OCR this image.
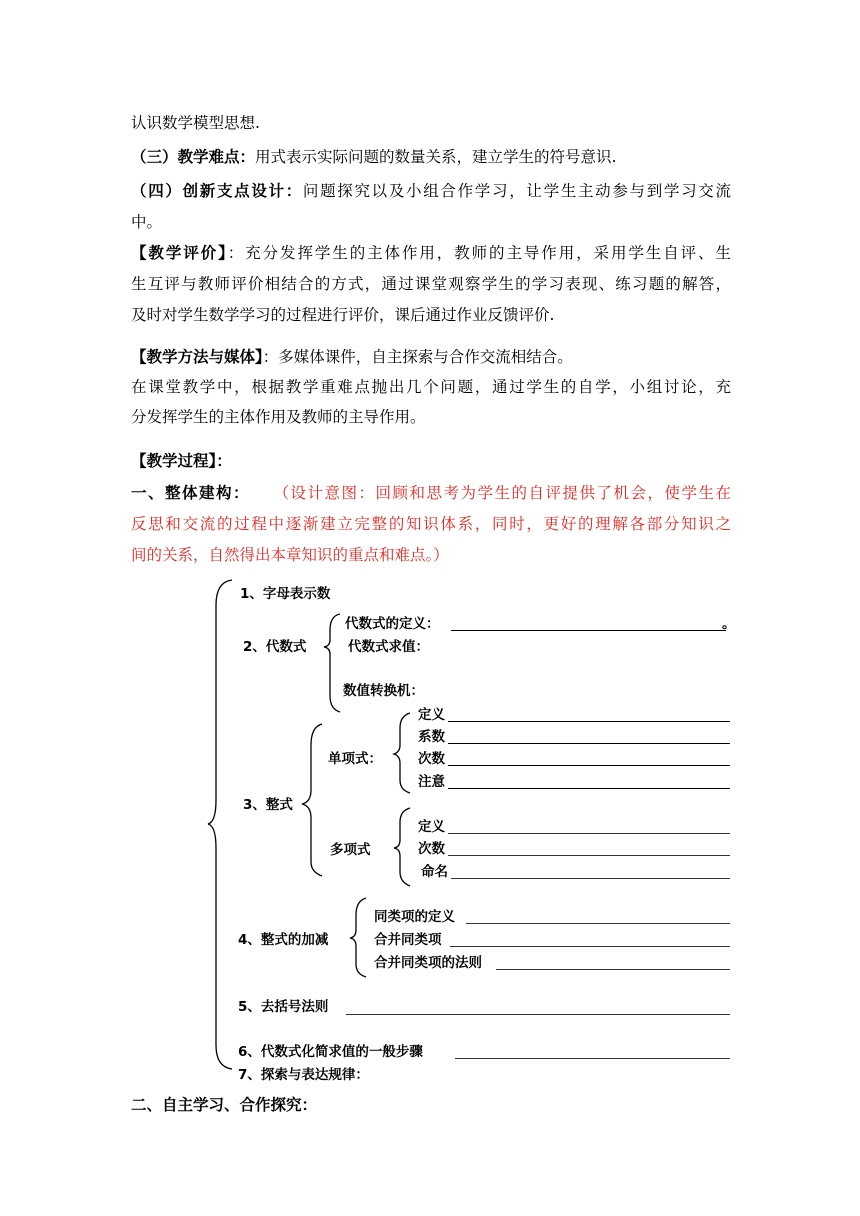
认识数学模型思想.
（三）教学难点：用式表示实际问题的数量关系，建立学生的符号意识.
（四）创新支点设计：问题探究以及小组合作学习，让学生主动参与到学习交流
中。
【教学评价】：充分发挥学生的主体作用，教师的主导作用，采用学生自评、生
生互评与教师评价相结合的方式，通过课堂观察学生的学习表现、练习题的解答，
及时对学生数学学习的过程进行评价，课后通过作业反馈评价.
【教学方法与媒体】：多媒体课件，自主探索与合作交流相结合。
在课堂教学中，根据教学重难点抛出几个问题，通过学生的自学，小组讨论，充
分发挥学生的主体作用及教师的主导作用。
【教学过程】：
一、整体建构： （设计意图：回顾和思考为学生的自评提供了机会，使学生在
反思和交流的过程中逐渐建立完整的知识体系，同时，更好的理解各部分知识之
间的关系，自然得出本章知识的重点和难点。）
1、字母表示数
2、代数式
代数式的定义：	。
代数式求值：
数值转换机：
3、整式
单项式：
定义
系数
次数
注意
多项式
定义
次数
命名
4、整式的加减
同类项的定义
合并同类项
合并同类项的法则
5、去括号法则
6、代数式化简求值的一般步骤
7、探索与表达规律：
二、自主学习、合作探究：
